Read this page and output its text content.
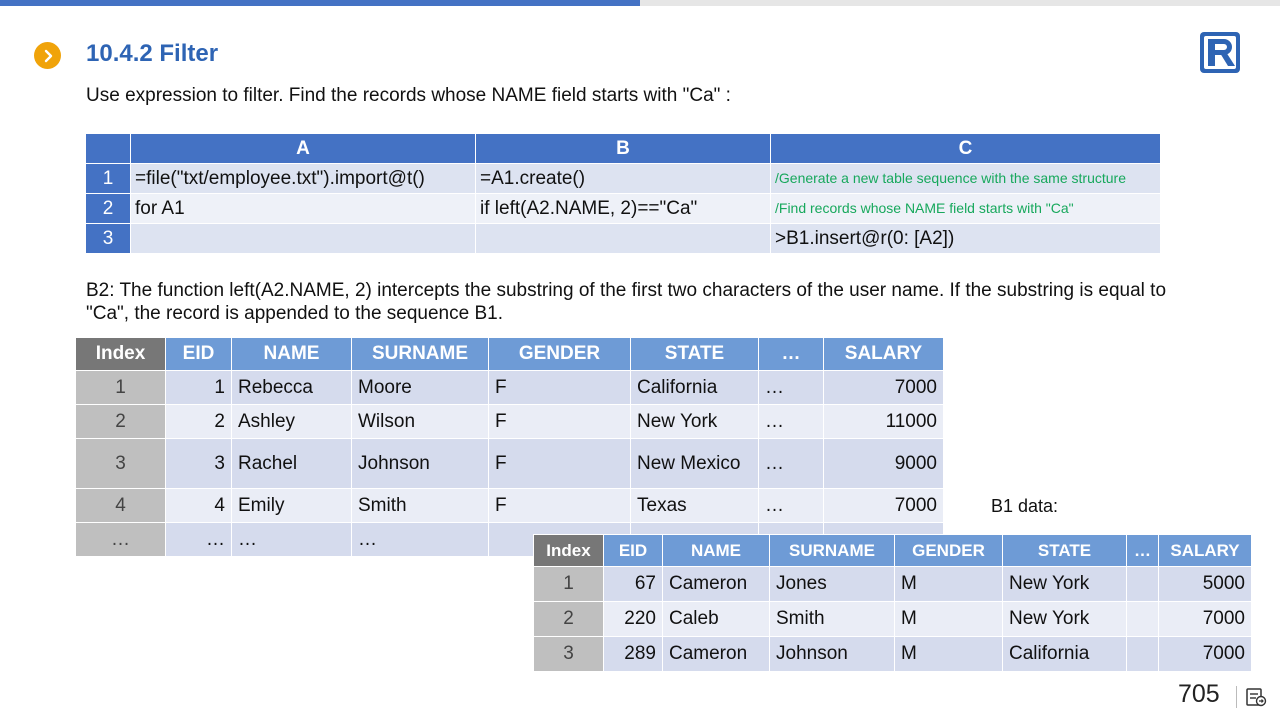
10.4.2 Filter
Use expression to filter. Find the records whose NAME field starts with "Ca" :
	A	B	C
1	=file("txt/employee.txt").import@t()	=A1.create()	/Generate a new table sequence with the same structure
2	for A1	if left(A2.NAME, 2)=="Ca"	/Find records whose NAME field starts with "Ca"
3			>B1.insert@r(0: [A2])
B2: The function left(A2.NAME, 2) intercepts the substring of the first two characters of the user name. If the substring is equal to "Ca", the record is appended to the sequence B1.
Index	EID	NAME	SURNAME	GENDER	STATE	…	SALARY
1	1	Rebecca	Moore	F	California	…	7000
2	2	Ashley	Wilson	F	New York	…	11000
3	3	Rachel	Johnson	F	New Mexico	…	9000
4	4	Emily	Smith	F	Texas	…	7000
…	…	…	…				
B1 data:
Index	EID	NAME	SURNAME	GENDER	STATE	…	SALARY
1	67	Cameron	Jones	M	New York		5000
2	220	Caleb	Smith	M	New York		7000
3	289	Cameron	Johnson	M	California		7000
705
